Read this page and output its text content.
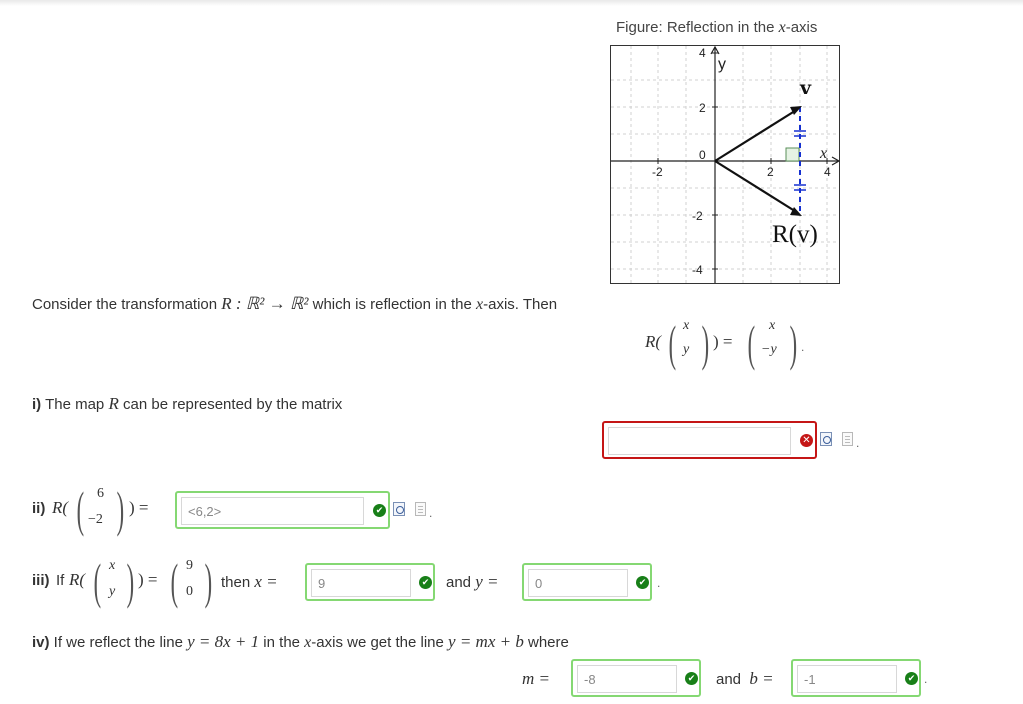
Figure: Reflection in the x-axis
-2	2	4
4
2
0
-2
-4
y
x
v
R(v)
Consider the transformation R : ℝ² → ℝ² which is reflection in the x-axis. Then
R( ( x
y ) ) = ( x
−y ) .
i) The map R can be represented by the matrix
✕	.
ii) R( ( 6
−2 ) ) =	<6,2>	✔	.
iii) If R( ( x
y ) ) = ( 9
0 ) then x =	9	✔ and y =	0	✔ .
iv) If we reflect the line y = 8x + 1 in the x-axis we get the line y = mx + b where
m =	-8	✔ and b =	-1	✔ .
